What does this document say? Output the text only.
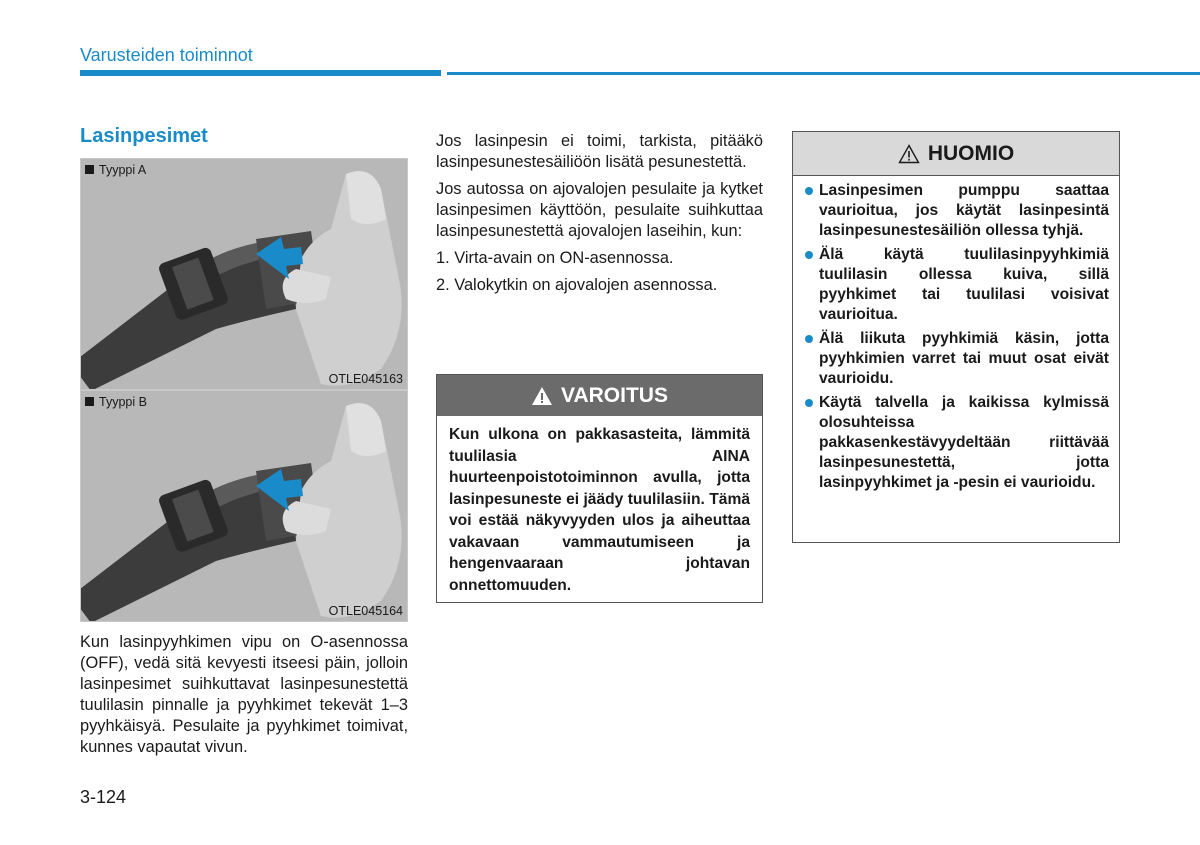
Varusteiden toiminnot
Lasinpesimet
Tyyppi A
OTLE045163
Tyyppi B
OTLE045164

Kun lasinpyyhkimen vipu on O-asennossa (OFF), vedä sitä kevyesti itseesi päin, jolloin lasinpesimet suihkuttavat lasinpesunestettä tuulilasin pinnalle ja pyyhkimet tekevät 1–3 pyyhkäisyä. Pesulaite ja pyyhkimet toimivat, kunnes vapautat vivun.

Jos lasinpesin ei toimi, tarkista, pitääkö lasinpesunestesäiliöön lisätä pesunestettä.

Jos autossa on ajovalojen pesulaite ja kytket lasinpesimen käyttöön, pesulaite suihkuttaa lasinpesunestettä ajovalojen laseihin, kun:

1. Virta-avain on ON-asennossa.
2. Valokytkin on ajovalojen asennossa.
VAROITUS
Kun ulkona on pakkasasteita, lämmitä tuulilasia AINA huurteenpoistotoiminnon avulla, jotta lasinpesuneste ei jäädy tuulilasiin. Tämä voi estää näkyvyyden ulos ja aiheuttaa vakavaan vammautumiseen ja hengenvaaraan johtavan onnettomuuden.
HUOMIO
Lasinpesimen pumppu saattaa vaurioitua, jos käytät lasinpesintä lasinpesunestesäiliön ollessa tyhjä.
Älä käytä tuulilasinpyyhkimiä tuulilasin ollessa kuiva, sillä pyyhkimet tai tuulilasi voisivat vaurioitua.
Älä liikuta pyyhkimiä käsin, jotta pyyhkimien varret tai muut osat eivät vaurioidu.
Käytä talvella ja kaikissa kylmissä olosuhteissa pakkasenkestävyydeltään riittävää lasinpesunestettä, jotta lasinpyyhkimet ja -pesin ei vaurioidu.
3-124
